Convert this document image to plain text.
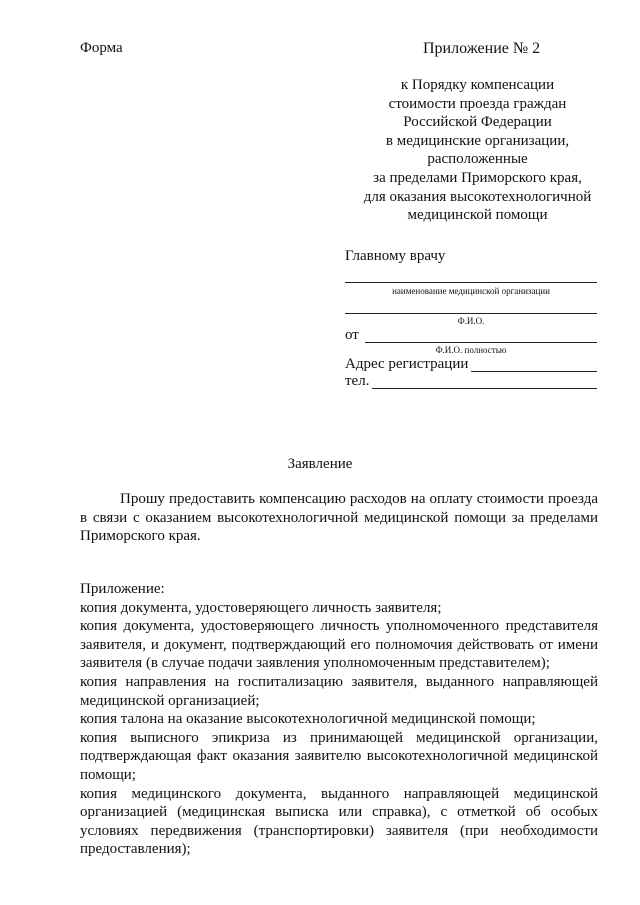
Форма	Приложение № 2
к Порядку компенсации
стоимости проезда граждан
Российской Федерации
в медицинские организации,
расположенные
за пределами Приморского края,
для оказания высокотехнологичной
медицинской помощи
Главному врачу
наименование медицинской организации
Ф.И.О.
от
Ф.И.О. полностью
Адрес регистрации
тел.
Заявление
Прошу предоставить компенсацию расходов на оплату стоимости проезда в связи с оказанием высокотехнологичной медицинской помощи за пределами Приморского края.
Приложение:
копия документа, удостоверяющего личность заявителя;
копия документа, удостоверяющего личность уполномоченного представителя заявителя, и документ, подтверждающий его полномочия действовать от имени заявителя (в случае подачи заявления уполномоченным представителем);
копия направления на госпитализацию заявителя, выданного направляющей медицинской организацией;
копия талона на оказание высокотехнологичной медицинской помощи;
копия выписного эпикриза из принимающей медицинской организации, подтверждающая факт оказания заявителю высокотехнологичной медицинской помощи;
копия медицинского документа, выданного направляющей медицинской организацией (медицинская выписка или справка), с отметкой об особых условиях передвижения (транспортировки) заявителя (при необходимости предоставления);
